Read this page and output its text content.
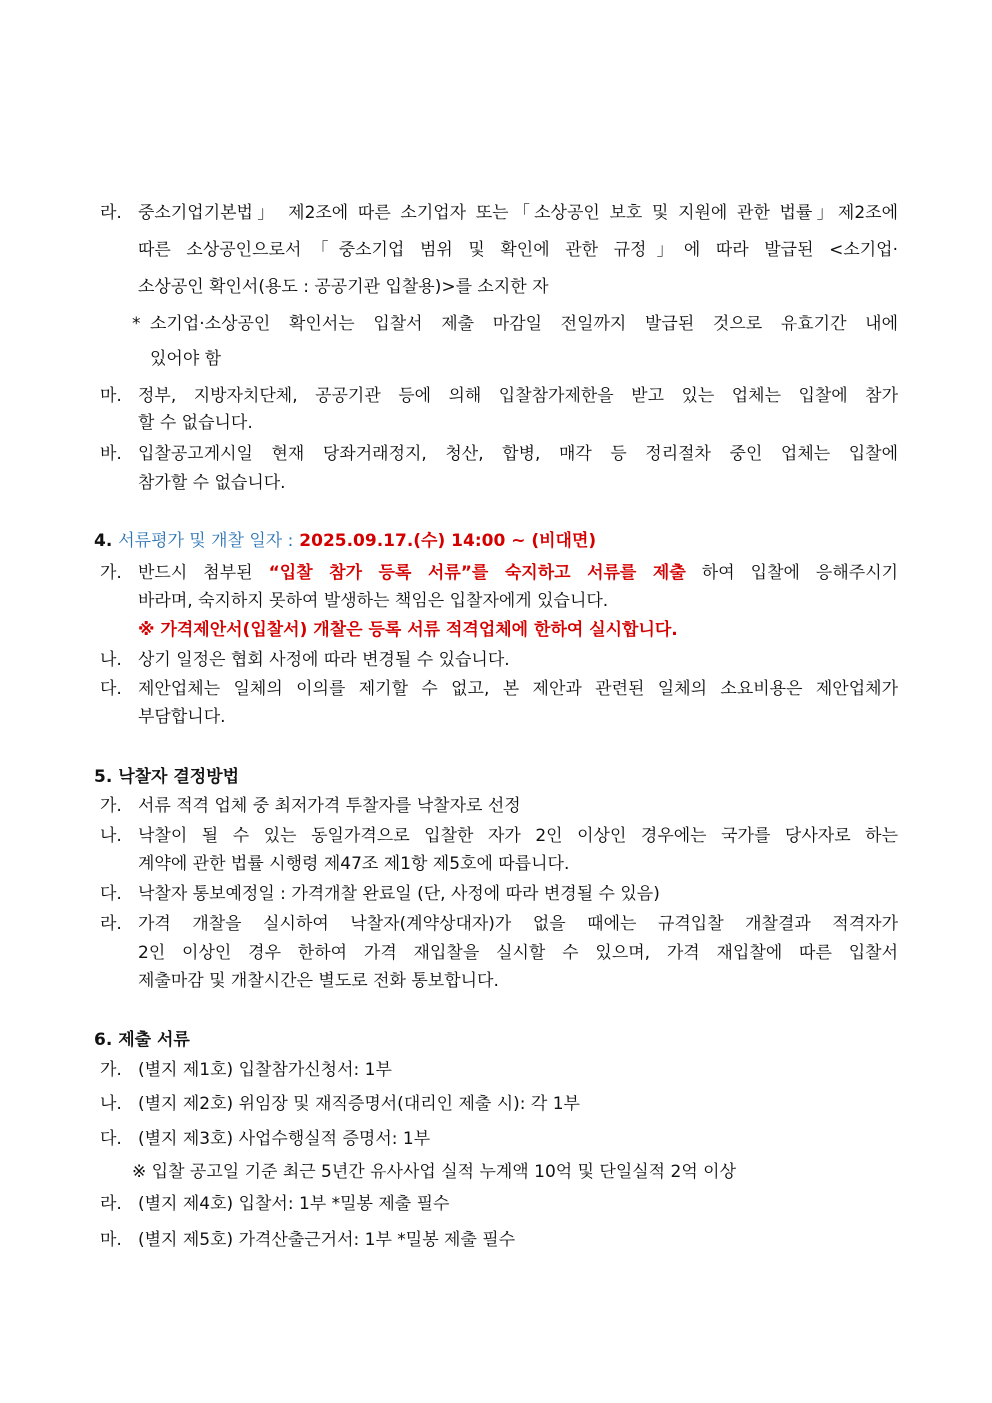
라. 중소기업기본법」 제2조에 따른 소기업자 또는「소상공인 보호 및 지원에 관한 법률」제2조에
따른 소상공인으로서「중소기업 범위 및 확인에 관한 규정」에 따라 발급된 <소기업·
소상공인 확인서(용도 : 공공기관 입찰용)>를 소지한 자
* 소기업·소상공인 확인서는 입찰서 제출 마감일 전일까지 발급된 것으로 유효기간 내에
있어야 함
마. 정부, 지방자치단체, 공공기관 등에 의해 입찰참가제한을 받고 있는 업체는 입찰에 참가
할 수 없습니다.
바. 입찰공고게시일 현재 당좌거래정지, 청산, 합병, 매각 등 정리절차 중인 업체는 입찰에
참가할 수 없습니다.
4. 서류평가 및 개찰 일자 : 2025.09.17.(수) 14:00 ~ (비대면)
가. 반드시 첨부된 “입찰 참가 등록 서류”를 숙지하고 서류를 제출 하여 입찰에 응해주시기
바라며, 숙지하지 못하여 발생하는 책임은 입찰자에게 있습니다.
※ 가격제안서(입찰서) 개찰은 등록 서류 적격업체에 한하여 실시합니다.
나. 상기 일정은 협회 사정에 따라 변경될 수 있습니다.
다. 제안업체는 일체의 이의를 제기할 수 없고, 본 제안과 관련된 일체의 소요비용은 제안업체가
부담합니다.
5. 낙찰자 결정방법
가. 서류 적격 업체 중 최저가격 투찰자를 낙찰자로 선정
나. 낙찰이 될 수 있는 동일가격으로 입찰한 자가 2인 이상인 경우에는 국가를 당사자로 하는
계약에 관한 법률 시행령 제47조 제1항 제5호에 따릅니다.
다. 낙찰자 통보예정일 : 가격개찰 완료일 (단, 사정에 따라 변경될 수 있음)
라. 가격 개찰을 실시하여 낙찰자(계약상대자)가 없을 때에는 규격입찰 개찰결과 적격자가
2인 이상인 경우 한하여 가격 재입찰을 실시할 수 있으며, 가격 재입찰에 따른 입찰서
제출마감 및 개찰시간은 별도로 전화 통보합니다.
6. 제출 서류
가. (별지 제1호) 입찰참가신청서: 1부
나. (별지 제2호) 위임장 및 재직증명서(대리인 제출 시): 각 1부
다. (별지 제3호) 사업수행실적 증명서: 1부
※ 입찰 공고일 기준 최근 5년간 유사사업 실적 누계액 10억 및 단일실적 2억 이상
라. (별지 제4호) 입찰서: 1부 *밀봉 제출 필수
마. (별지 제5호) 가격산출근거서: 1부 *밀봉 제출 필수
